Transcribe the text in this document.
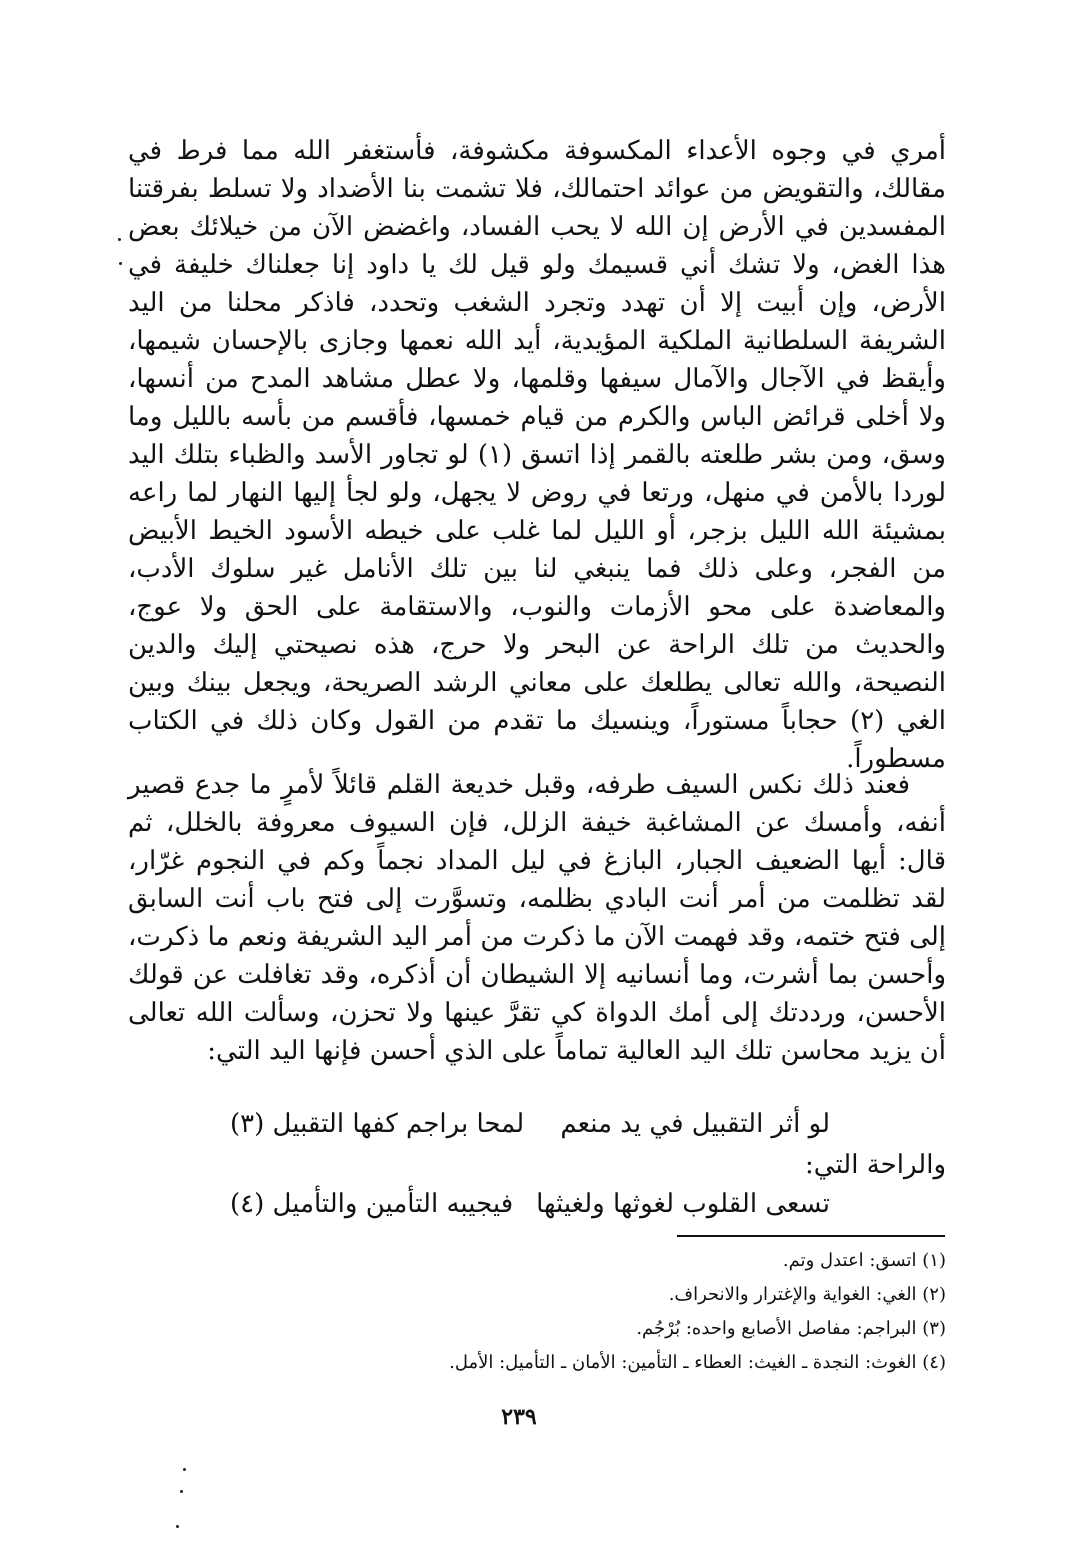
أمري في وجوه الأعداء المكسوفة مكشوفة، فأستغفر الله مما فرط في مقالك، والتقويض من عوائد احتمالك، فلا تشمت بنا الأضداد ولا تسلط بفرقتنا المفسدين في الأرض إن الله لا يحب الفساد، واغضض الآن من خيلائك بعض هذا الغض، ولا تشك أني قسيمك ولو قيل لك يا داود إنا جعلناك خليفة في الأرض، وإن أبيت إلا أن تهدد وتجرد الشغب وتحدد، فاذكر محلنا من اليد الشريفة السلطانية الملكية المؤيدية، أيد الله نعمها وجازى بالإحسان شيمها، وأيقظ في الآجال والآمال سيفها وقلمها، ولا عطل مشاهد المدح من أنسها، ولا أخلى قرائض الباس والكرم من قيام خمسها، فأقسم من بأسه بالليل وما وسق، ومن بشر طلعته بالقمر إذا اتسق (١) لو تجاور الأسد والظباء بتلك اليد لوردا بالأمن في منهل، ورتعا في روض لا يجهل، ولو لجأ إليها النهار لما راعه بمشيئة الله الليل بزجر، أو الليل لما غلب على خيطه الأسود الخيط الأبيض من الفجر، وعلى ذلك فما ينبغي لنا بين تلك الأنامل غير سلوك الأدب، والمعاضدة على محو الأزمات والنوب، والاستقامة على الحق ولا عوج، والحديث من تلك الراحة عن البحر ولا حرج، هذه نصيحتي إليك والدين النصيحة، والله تعالى يطلعك على معاني الرشد الصريحة، ويجعل بينك وبين الغي (٢) حجاباً مستوراً، وينسيك ما تقدم من القول وكان ذلك في الكتاب مسطوراً.

فعند ذلك نكس السيف طرفه، وقبل خديعة القلم قائلاً لأمرٍ ما جدع قصير أنفه، وأمسك عن المشاغبة خيفة الزلل، فإن السيوف معروفة بالخلل، ثم قال: أيها الضعيف الجبار، البازغ في ليل المداد نجماً وكم في النجوم غرّار، لقد تظلمت من أمر أنت البادي بظلمه، وتسوَّرت إلى فتح باب أنت السابق إلى فتح ختمه، وقد فهمت الآن ما ذكرت من أمر اليد الشريفة ونعم ما ذكرت، وأحسن بما أشرت، وما أنسانيه إلا الشيطان أن أذكره، وقد تغافلت عن قولك الأحسن، ورددتك إلى أمك الدواة كي تقرَّ عينها ولا تحزن، وسألت الله تعالى أن يزيد محاسن تلك اليد العالية تماماً على الذي أحسن فإنها اليد التي:

لو أثر التقبيل في يد منعم
لمحا براجم كفها التقبيل (٣)
والراحة التي:
تسعى القلوب لغوثها ولغيثها
فيجيبه التأمين والتأميل (٤)
(١) اتسق: اعتدل وتم.
(٢) الغي: الغواية والإغترار والانحراف.
(٣) البراجم: مفاصل الأصابع واحده: بُرْجُم.
(٤) الغوث: النجدة ـ الغيث: العطاء ـ التأمين: الأمان ـ التأميل: الأمل.
٢٣٩
